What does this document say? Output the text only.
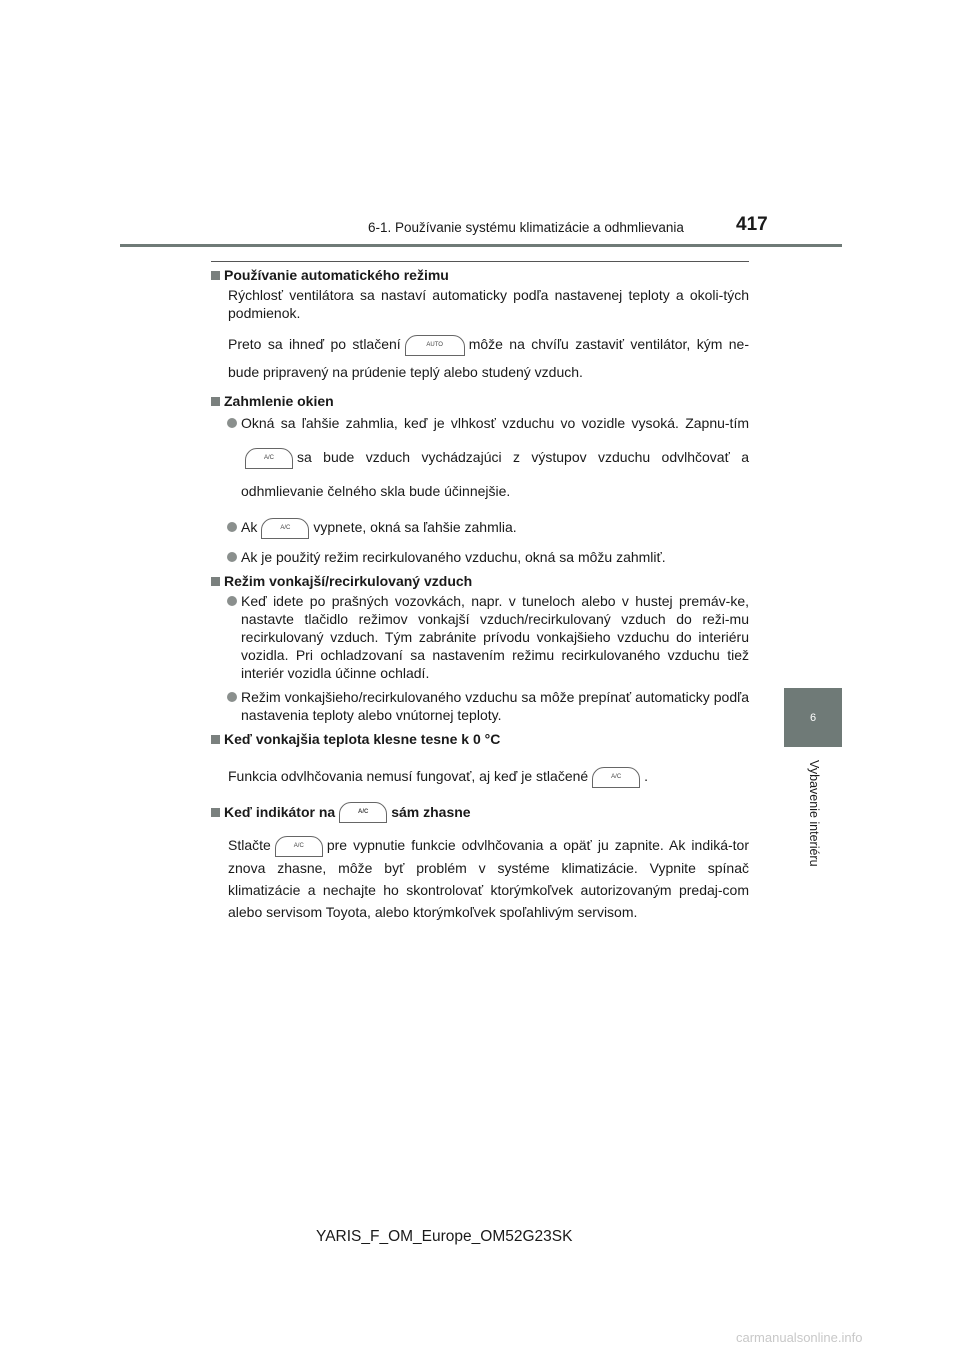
6-1. Používanie systému klimatizácie a odhmlievania	417
6
Vybavenie interiéru
Používanie automatického režimu
Rýchlosť ventilátora sa nastaví automaticky podľa nastavenej teploty a okoli-tých podmienok.
Preto sa ihneď po stlačení	AUTO môže na chvíľu zastaviť ventilátor, kým ne-bude pripravený na prúdenie teplý alebo studený vzduch.
Zahmlenie okien
Okná sa ľahšie zahmlia, keď je vlhkosť vzduchu vo vozidle vysoká. Zapnu-tímA/C sa bude vzduch vychádzajúci z výstupov vzduchu odvlhčovať a odhmlievanie čelného skla bude účinnejšie.
Ak	A/C vypnete, okná sa ľahšie zahmlia.
Ak je použitý režim recirkulovaného vzduchu, okná sa môžu zahmliť.
Režim vonkajší/recirkulovaný vzduch
Keď idete po prašných vozovkách, napr. v tuneloch alebo v hustej premáv-ke, nastavte tlačidlo režimov vonkajší vzduch/recirkulovaný vzduch do reži-mu recirkulovaný vzduch. Tým zabránite prívodu vonkajšieho vzduchu do interiéru vozidla. Pri ochladzovaní sa nastavením režimu recirkulovaného vzduchu tiež interiér vozidla účinne ochladí.
Režim vonkajšieho/recirkulovaného vzduchu sa môže prepínať automaticky podľa nastavenia teploty alebo vnútornej teploty.
Keď vonkajšia teplota klesne tesne k 0 °C
Funkcia odvlhčovania nemusí fungovať, aj keď je stlačené	A/C .
Keď indikátor na	A/C	sám zhasne
Stlačte	A/C pre vypnutie funkcie odvlhčovania a opäť ju zapnite. Ak indiká-tor znova zhasne, môže byť problém v systéme klimatizácie. Vypnite spínač klimatizácie a nechajte ho skontrolovať ktorýmkoľvek autorizovaným predaj-com alebo servisom Toyota, alebo ktorýmkoľvek spoľahlivým servisom.
YARIS_F_OM_Europe_OM52G23SK
carmanualsonline.info
